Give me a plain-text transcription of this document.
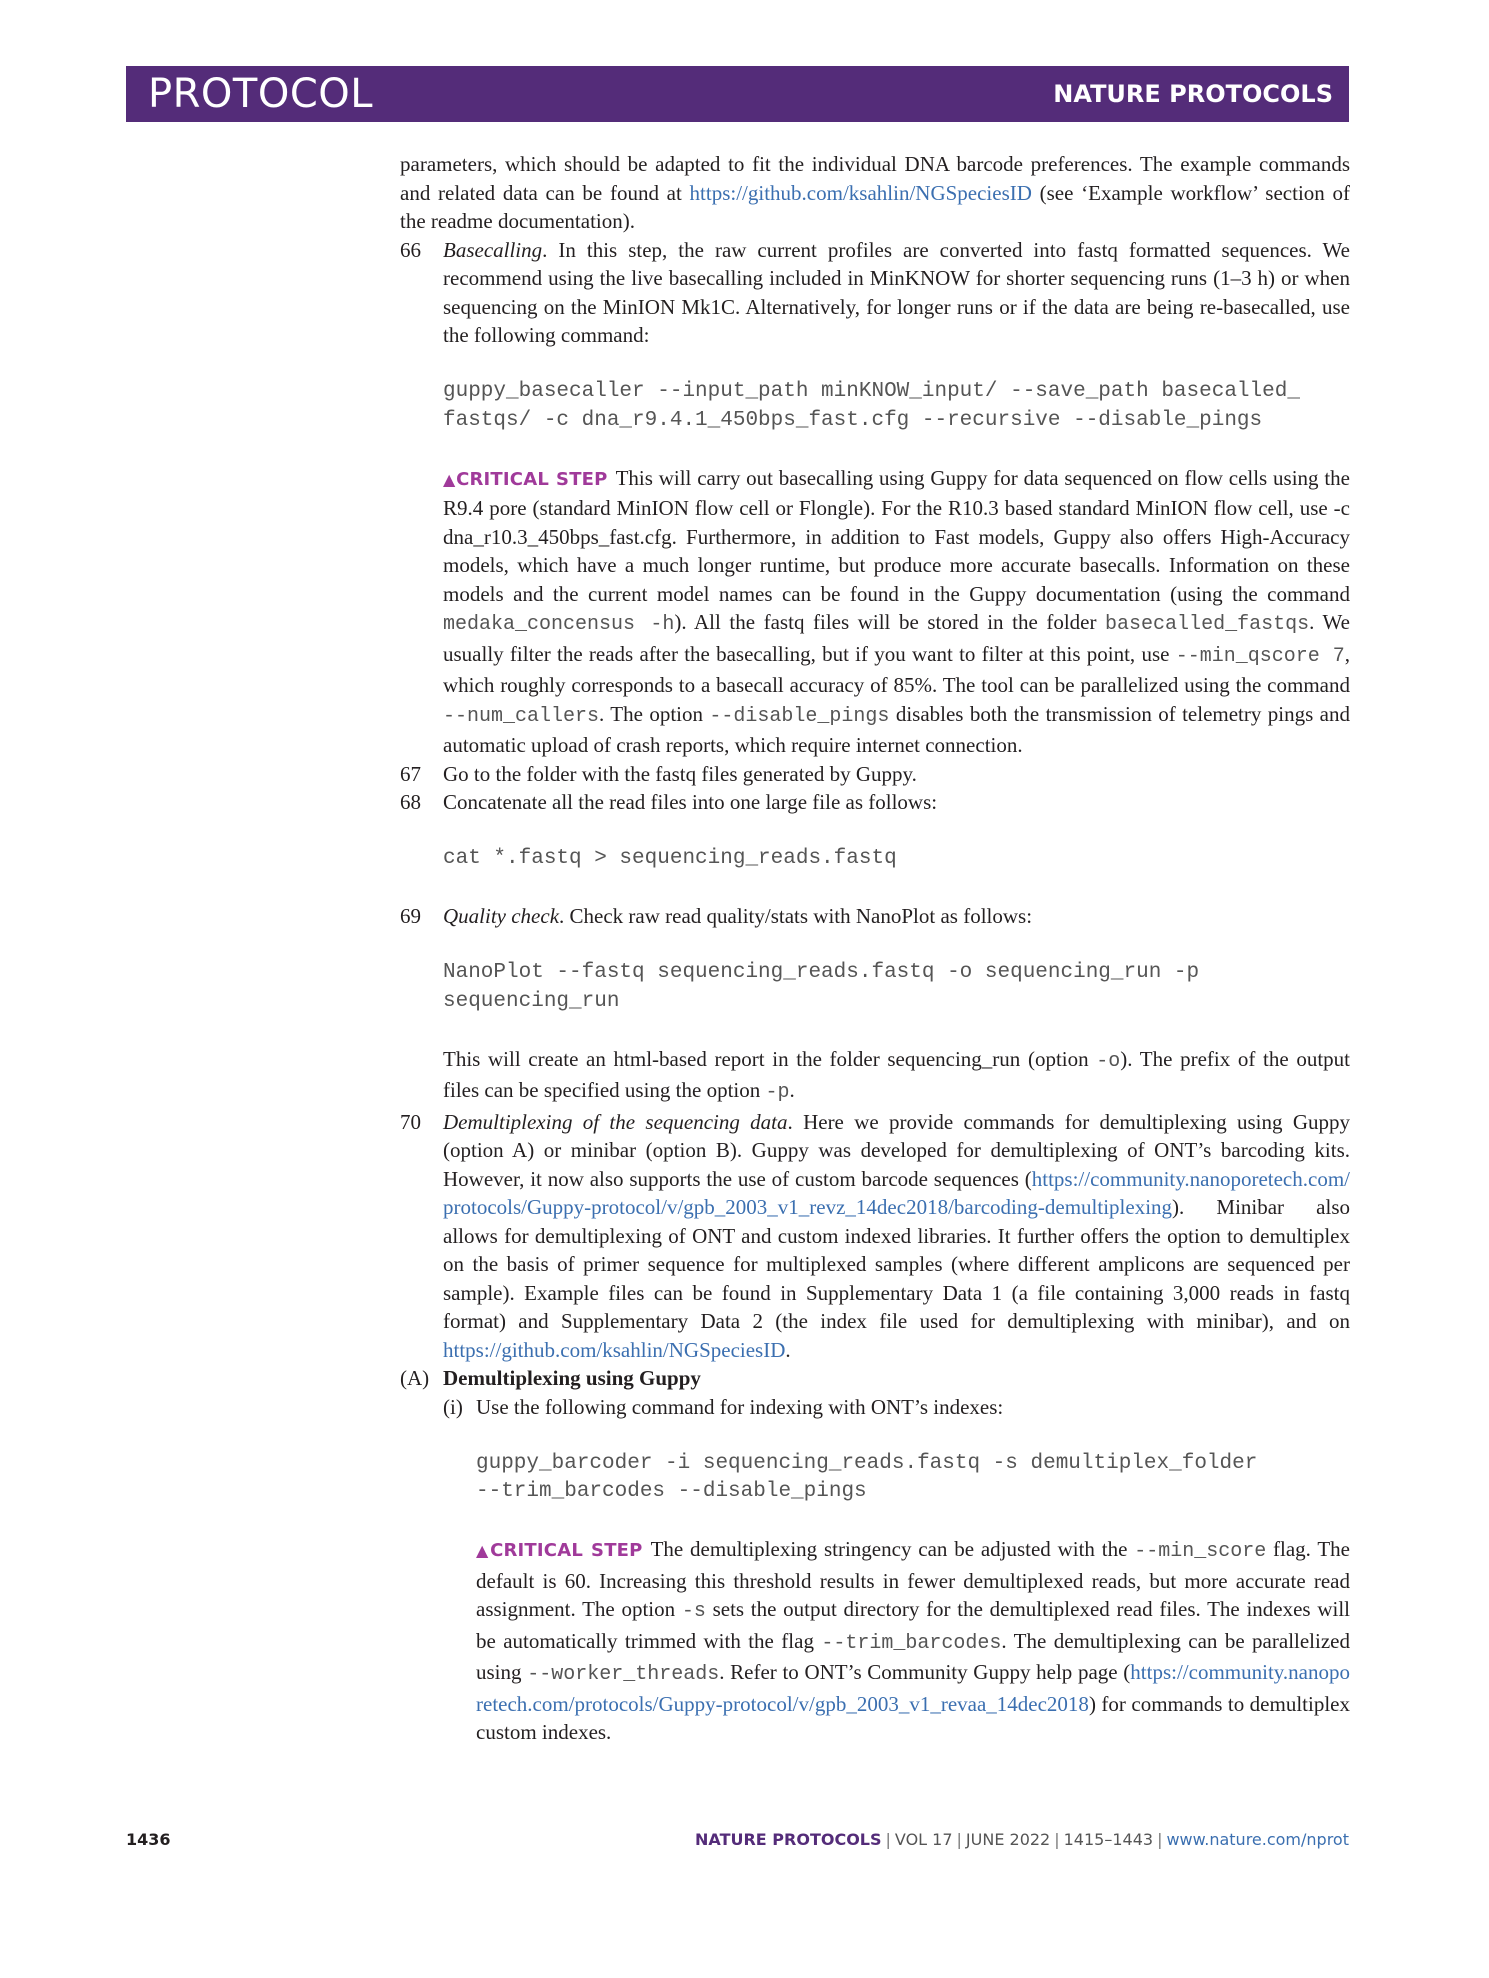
PROTOCOL	NATURE PROTOCOLS

parameters, which should be adapted to fit the individual DNA barcode preferences. The example commands and related data can be found at https://github.com/ksahlin/NGSpeciesID (see ‘Example workflow’ section of the readme documentation).

66 Basecalling. In this step, the raw current profiles are converted into fastq formatted sequences. We recommend using the live basecalling included in MinKNOW for shorter sequencing runs (1–3 h) or when sequencing on the MinION Mk1C. Alternatively, for longer runs or if the data are being re-basecalled, use the following command:

guppy_basecaller --input_path minKNOW_input/ --save_path basecalled_
fastqs/ -c dna_r9.4.1_450bps_fast.cfg --recursive --disable_pings

▲CRITICAL STEP This will carry out basecalling using Guppy for data sequenced on flow cells using the R9.4 pore (standard MinION flow cell or Flongle). For the R10.3 based standard MinION flow cell, use -c dna_r10.3_450bps_fast.cfg. Furthermore, in addition to Fast models, Guppy also offers High-Accuracy models, which have a much longer runtime, but produce more accurate basecalls. Information on these models and the current model names can be found in the Guppy documentation (using the command medaka_concensus -h). All the fastq files will be stored in the folder basecalled_fastqs. We usually filter the reads after the basecalling, but if you want to filter at this point, use --min_qscore 7, which roughly corresponds to a basecall accuracy of 85%. The tool can be parallelized using the command --num_callers. The option --disable_pings disables both the transmission of telemetry pings and automatic upload of crash reports, which require internet connection.

67 Go to the folder with the fastq files generated by Guppy.

68 Concatenate all the read files into one large file as follows:

cat *.fastq > sequencing_reads.fastq
69 Quality check. Check raw read quality/stats with NanoPlot as follows:

NanoPlot --fastq sequencing_reads.fastq -o sequencing_run -p
sequencing_run

This will create an html-based report in the folder sequencing_run (option -o). The prefix of the output files can be specified using the option -p.

70 Demultiplexing of the sequencing data. Here we provide commands for demultiplexing using Guppy (option A) or minibar (option B). Guppy was developed for demultiplexing of ONT’s barcoding kits. However, it now also supports the use of custom barcode sequences (https://community.nanoporetech.com/protocols/Guppy-protocol/v/gpb_2003_v1_revz_14dec2018/barcoding-demultiplexing). Minibar also allows for demultiplexing of ONT and custom indexed libraries. It further offers the option to demultiplex on the basis of primer sequence for multiplexed samples (where different amplicons are sequenced per sample). Example files can be found in Supplementary Data 1 (a file containing 3,000 reads in fastq format) and Supplementary Data 2 (the index file used for demultiplexing with minibar), and on https://github.com/ksahlin/NGSpeciesID.

(A) Demultiplexing using Guppy

(i) Use the following command for indexing with ONT’s indexes:

guppy_barcoder -i sequencing_reads.fastq -s demultiplex_folder
--trim_barcodes --disable_pings

▲CRITICAL STEP The demultiplexing stringency can be adjusted with the --min_score flag. The default is 60. Increasing this threshold results in fewer demultiplexed reads, but more accurate read assignment. The option -s sets the output directory for the demultiplexed read files. The indexes will be automatically trimmed with the flag --trim_barcodes. The demultiplexing can be parallelized using --worker_threads. Refer to ONT’s Community Guppy help page (https://community.nanoporetech.com/protocols/Guppy-protocol/v/gpb_2003_v1_revaa_14dec2018) for commands to demultiplex custom indexes.

1436	NATURE PROTOCOLS | VOL 17 | JUNE 2022 | 1415–1443 | www.nature.com/nprot
